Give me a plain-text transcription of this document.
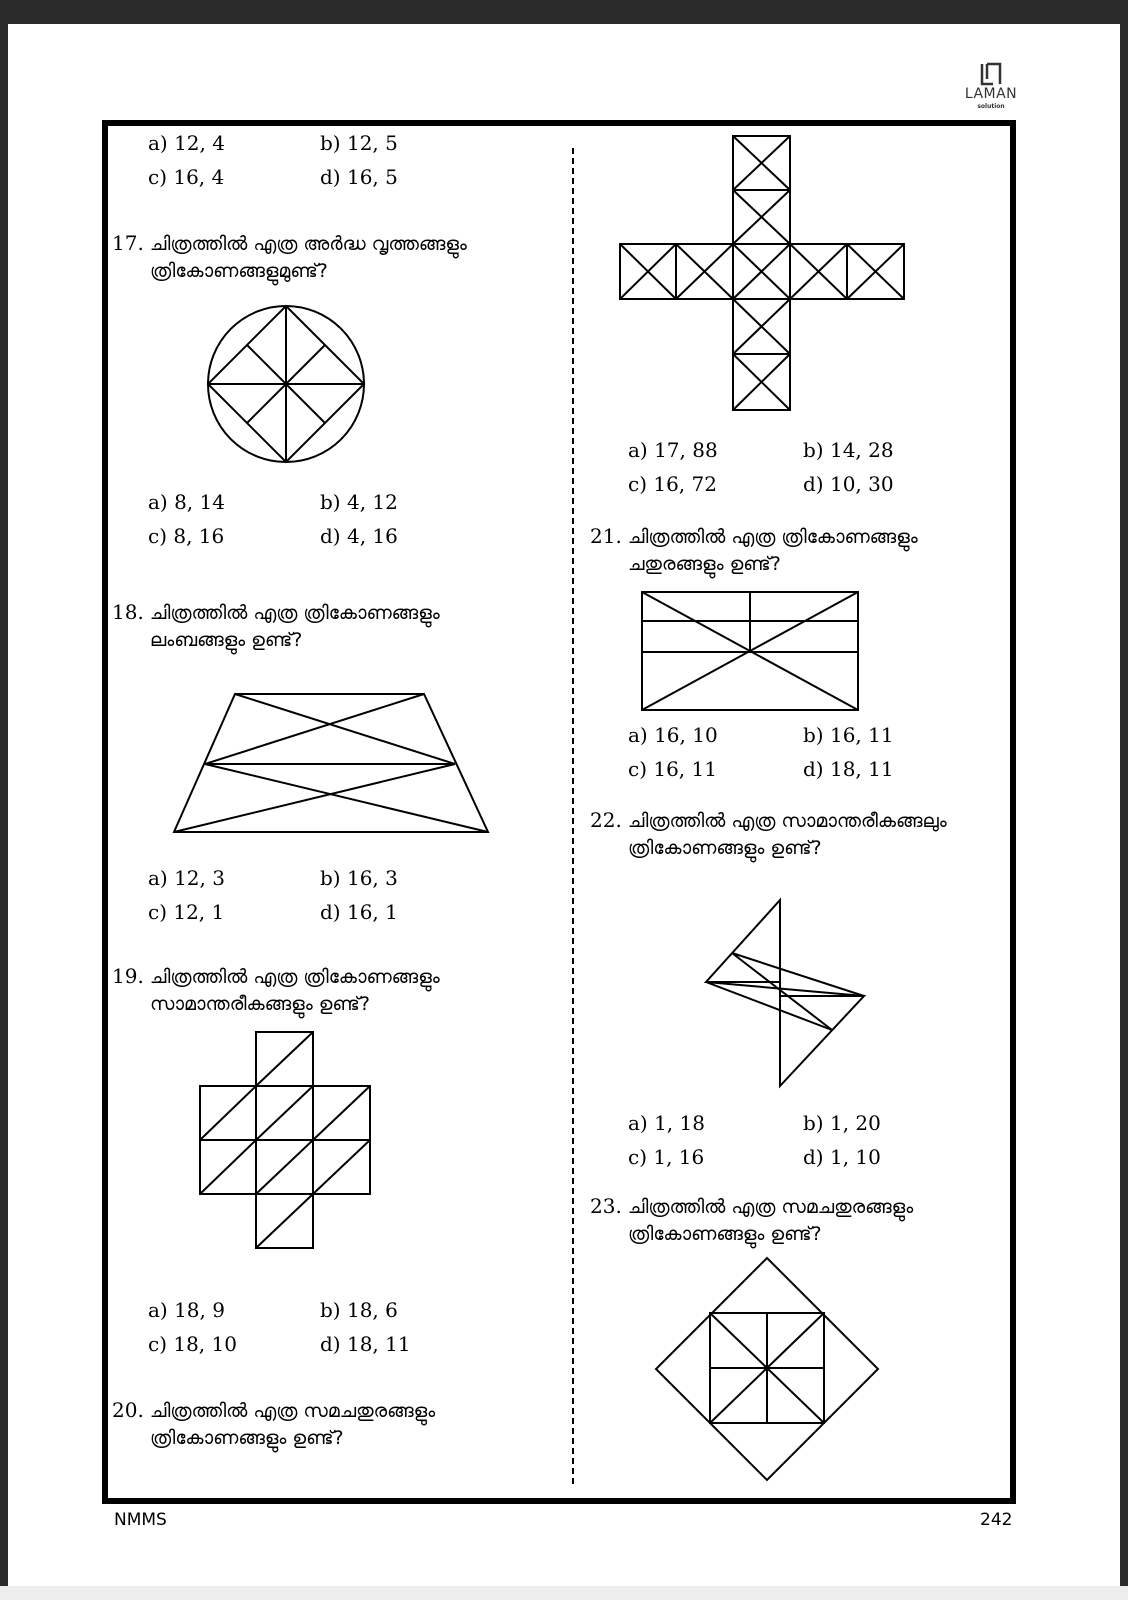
LAMAN
solution
a) 12, 4	b) 12, 5
c) 16, 4	d) 16, 5
17. ചിത്രത്തിൽ എത്ര അർദ്ധ വൃത്തങ്ങളും
ത്രികോണങ്ങളുമുണ്ട്?
a) 8, 14	b) 4, 12
c) 8, 16	d) 4, 16
18. ചിത്രത്തിൽ എത്ര ത്രികോണങ്ങളും
ലംബങ്ങളും ഉണ്ട്?
a) 12, 3	b) 16, 3
c) 12, 1	d) 16, 1
19. ചിത്രത്തിൽ എത്ര ത്രികോണങ്ങളും
സാമാന്തരീകങ്ങളും ഉണ്ട്?
a) 18, 9	b) 18, 6
c) 18, 10	d) 18, 11
20. ചിത്രത്തിൽ എത്ര സമചതുരങ്ങളും
ത്രികോണങ്ങളും ഉണ്ട്?
a) 17, 88	b) 14, 28
c) 16, 72	d) 10, 30
21. ചിത്രത്തിൽ എത്ര ത്രികോണങ്ങളും
ചതുരങ്ങളും ഉണ്ട്?
a) 16, 10	b) 16, 11
c) 16, 11	d) 18, 11
22. ചിത്രത്തിൽ എത്ര സാമാന്തരീകങ്ങലും
ത്രികോണങ്ങളും ഉണ്ട്?
a) 1, 18	b) 1, 20
c) 1, 16	d) 1, 10
23. ചിത്രത്തിൽ എത്ര സമചതുരങ്ങളും
ത്രികോണങ്ങളും ഉണ്ട്?
NMMS	242
